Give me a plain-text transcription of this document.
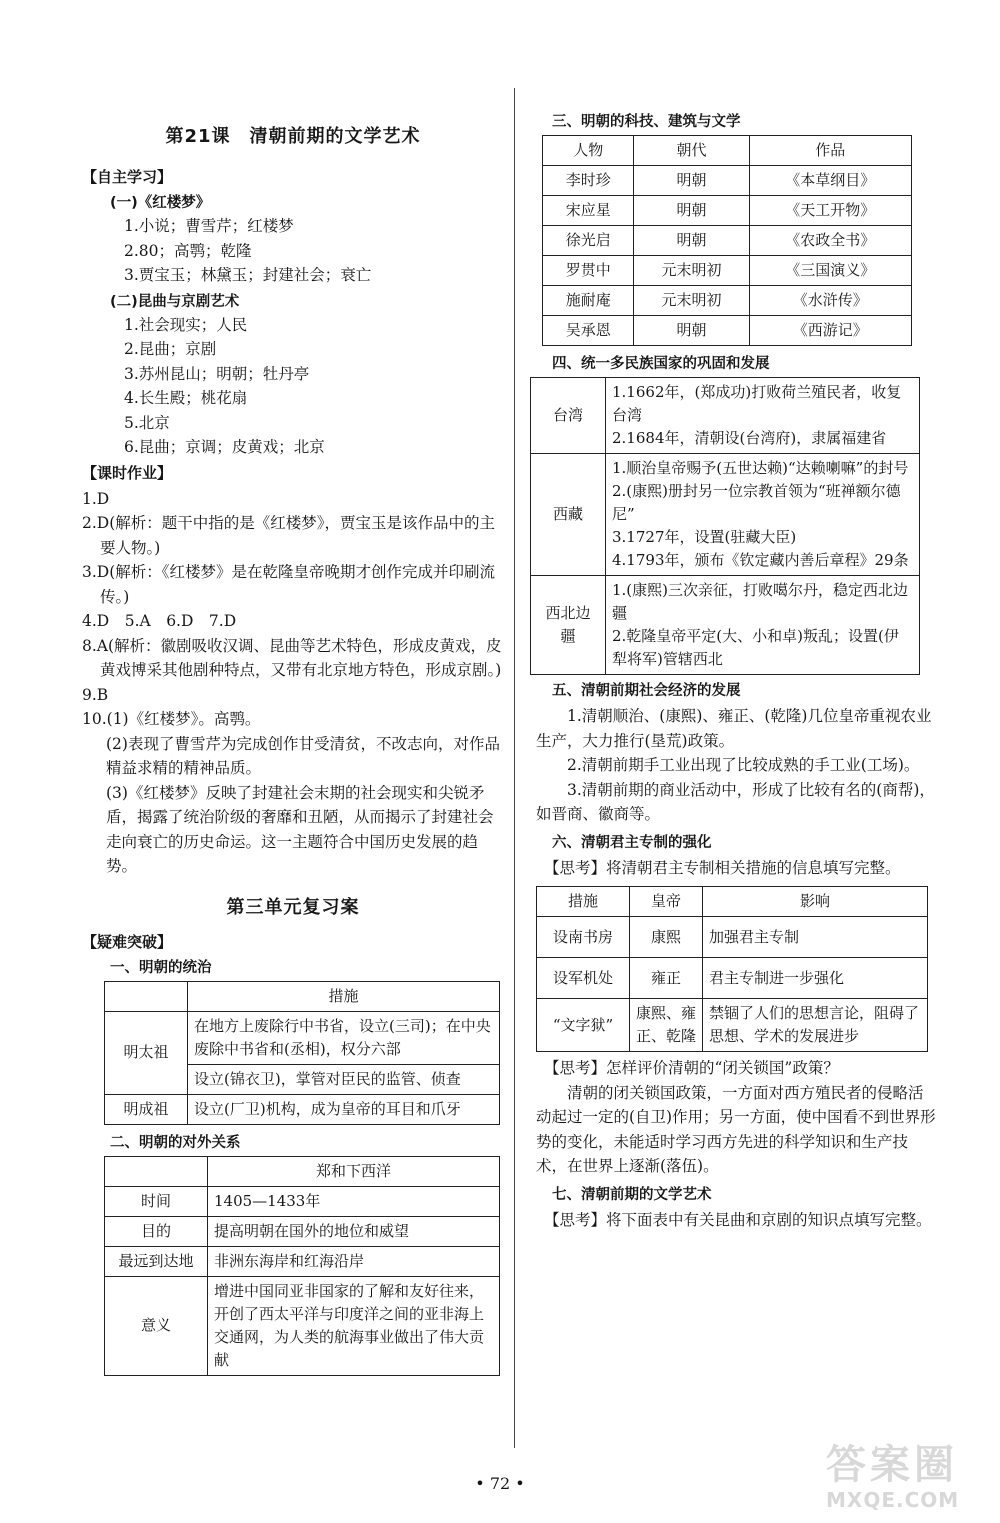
第21课　清朝前期的文学艺术
【自主学习】
(一)《红楼梦》

1.小说；曹雪芹；红楼梦

2.80；高鹗；乾隆

3.贾宝玉；林黛玉；封建社会；衰亡

(二)昆曲与京剧艺术

1.社会现实；人民

2.昆曲；京剧

3.苏州昆山；明朝；牡丹亭

4.长生殿；桃花扇

5.北京

6.昆曲；京调；皮黄戏；北京

【课时作业】

1.D

2.D(解析：题干中指的是《红楼梦》，贾宝玉是该作品中的主要人物。)

3.D(解析：《红楼梦》是在乾隆皇帝晚期才创作完成并印刷流传。)

4.D　5.A　6.D　7.D

8.A(解析：徽剧吸收汉调、昆曲等艺术特色，形成皮黄戏，皮黄戏博采其他剧种特点，又带有北京地方特色，形成京剧。)

9.B

10.(1)《红楼梦》。高鹗。

(2)表现了曹雪芹为完成创作甘受清贫，不改志向，对作品精益求精的精神品质。

(3)《红楼梦》反映了封建社会末期的社会现实和尖锐矛盾，揭露了统治阶级的奢靡和丑陋，从而揭示了封建社会走向衰亡的历史命运。这一主题符合中国历史发展的趋势。

第三单元复习案
【疑难突破】
一、明朝的统治
	措施
明太祖	在地方上废除行中书省，设立(三司)；在中央废除中书省和(丞相)，权分六部
	设立(锦衣卫)，掌管对臣民的监管、侦查
明成祖	设立(厂卫)机构，成为皇帝的耳目和爪牙
二、明朝的对外关系
	郑和下西洋
时间	1405—1433年
目的	提高明朝在国外的地位和威望
最远到达地	非洲东海岸和红海沿岸
意义	增进中国同亚非国家的了解和友好往来，开创了西太平洋与印度洋之间的亚非海上交通网，为人类的航海事业做出了伟大贡献
三、明朝的科技、建筑与文学
人物	朝代	作品
李时珍	明朝	《本草纲目》
宋应星	明朝	《天工开物》
徐光启	明朝	《农政全书》
罗贯中	元末明初	《三国演义》
施耐庵	元末明初	《水浒传》
吴承恩	明朝	《西游记》
四、统一多民族国家的巩固和发展
台湾	1.1662年，(郑成功)打败荷兰殖民者，收复台湾

2.1684年，清朝设(台湾府)，隶属福建省

西藏	1.顺治皇帝赐予(五世达赖)“达赖喇嘛”的封号

2.(康熙)册封另一位宗教首领为“班禅额尔德尼”

3.1727年，设置(驻藏大臣)

4.1793年，颁布《钦定藏内善后章程》29条

西北边疆	1.(康熙)三次亲征，打败噶尔丹，稳定西北边疆

2.乾隆皇帝平定(大、小和卓)叛乱；设置(伊犁将军)管辖西北

五、清朝前期社会经济的发展

1.清朝顺治、(康熙)、雍正、(乾隆)几位皇帝重视农业生产，大力推行(垦荒)政策。

2.清朝前期手工业出现了比较成熟的手工业(工场)。

3.清朝前期的商业活动中，形成了比较有名的(商帮)，如晋商、徽商等。

六、清朝君主专制的强化

【思考】将清朝君主专制相关措施的信息填写完整。

措施	皇帝	影响
设南书房	康熙	加强君主专制
设军机处	雍正	君主专制进一步强化
“文字狱”	康熙、雍正、乾隆	禁锢了人们的思想言论，阻碍了思想、学术的发展进步

【思考】怎样评价清朝的“闭关锁国”政策？

清朝的闭关锁国政策，一方面对西方殖民者的侵略活动起过一定的(自卫)作用；另一方面，使中国看不到世界形势的变化，未能适时学习西方先进的科学知识和生产技术，在世界上逐渐(落伍)。

七、清朝前期的文学艺术

【思考】将下面表中有关昆曲和京剧的知识点填写完整。

• 72 •	答案圈
MXQE.COM
